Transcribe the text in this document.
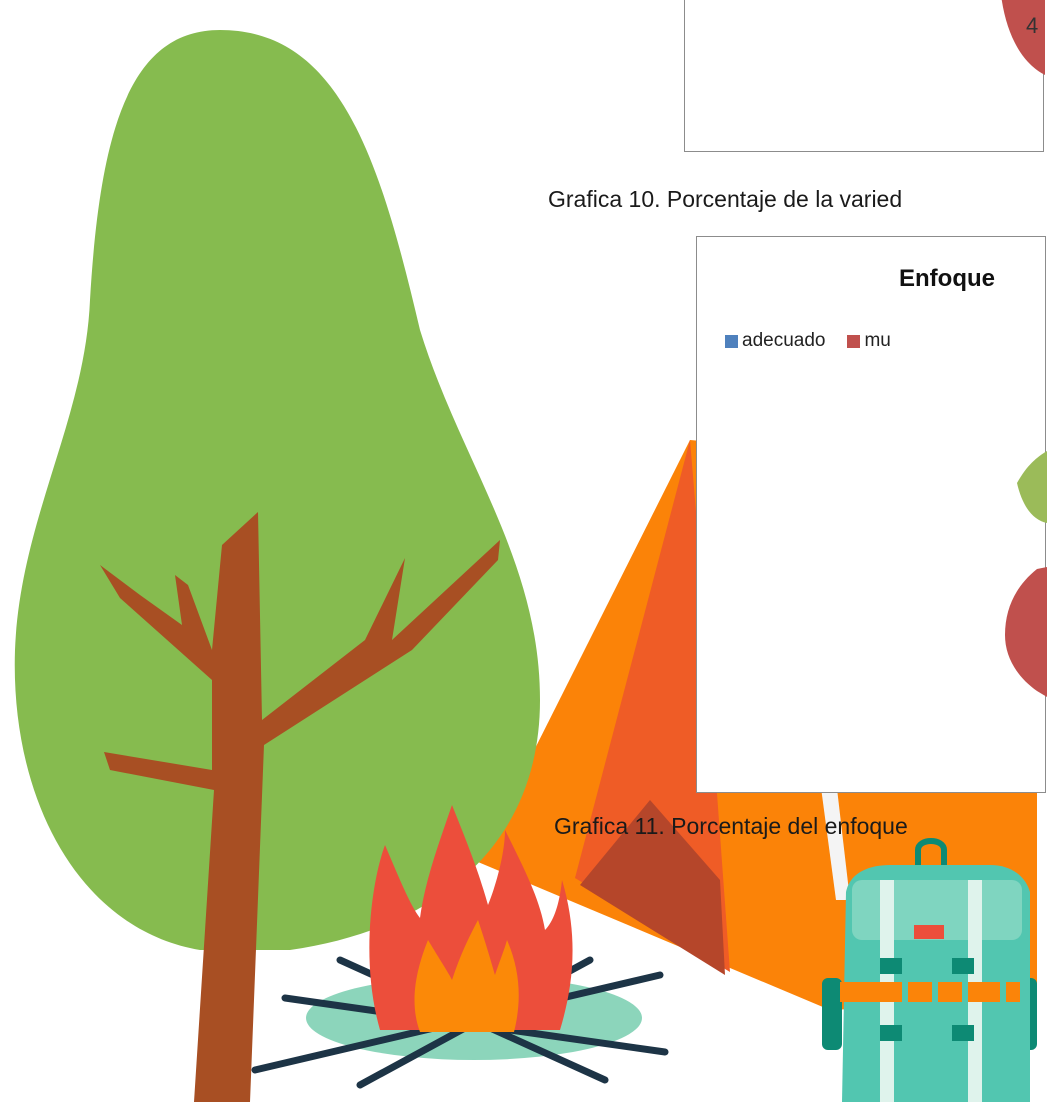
4
Grafica 10. Porcentaje de la varied
Enfoque
adecuado mu
Grafica 11. Porcentaje del enfoque
